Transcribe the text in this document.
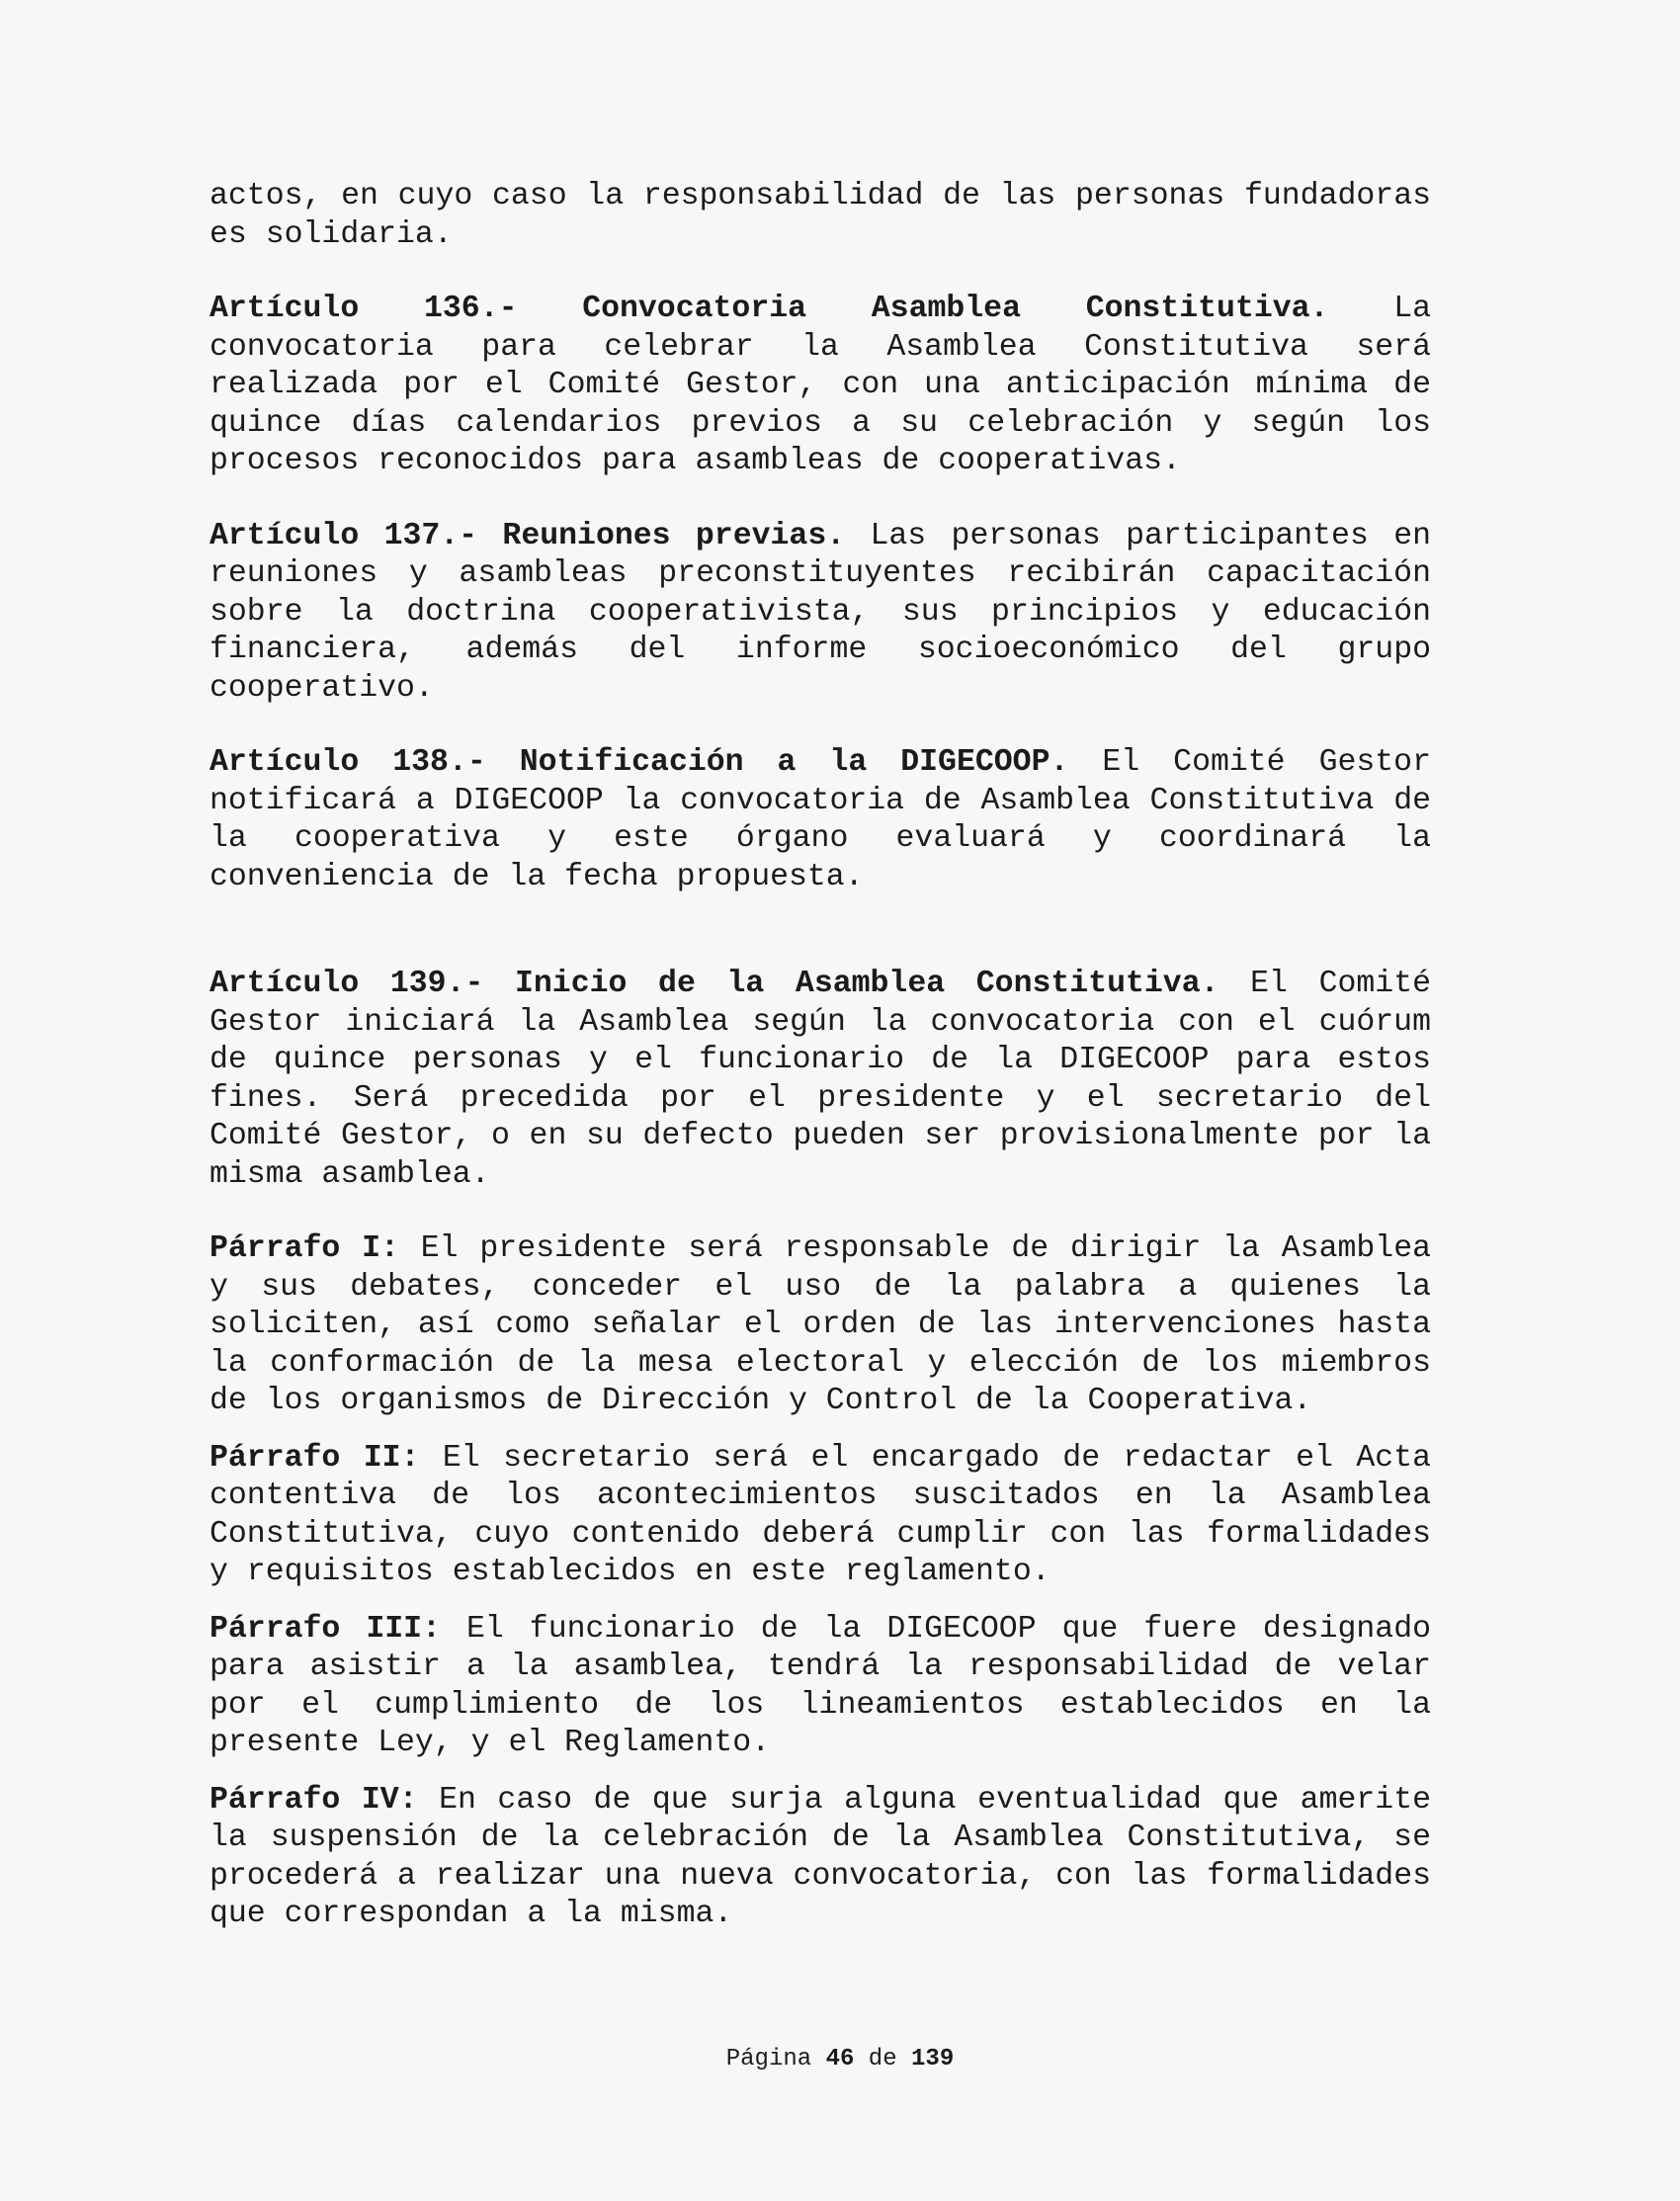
actos, en cuyo caso la responsabilidad de las personas fundadoras es solidaria.

Artículo 136.- Convocatoria Asamblea Constitutiva. La convocatoria para celebrar la Asamblea Constitutiva será realizada por el Comité Gestor, con una anticipación mínima de quince días calendarios previos a su celebración y según los procesos reconocidos para asambleas de cooperativas.

Artículo 137.- Reuniones previas. Las personas participantes en reuniones y asambleas preconstituyentes recibirán capacitación sobre la doctrina cooperativista, sus principios y educación financiera, además del informe socioeconómico del grupo cooperativo.

Artículo 138.- Notificación a la DIGECOOP. El Comité Gestor notificará a DIGECOOP la convocatoria de Asamblea Constitutiva de la cooperativa y este órgano evaluará y coordinará la conveniencia de la fecha propuesta.

Artículo 139.- Inicio de la Asamblea Constitutiva. El Comité Gestor iniciará la Asamblea según la convocatoria con el cuórum de quince personas y el funcionario de la DIGECOOP para estos fines. Será precedida por el presidente y el secretario del Comité Gestor, o en su defecto pueden ser provisionalmente por la misma asamblea.

Párrafo I: El presidente será responsable de dirigir la Asamblea y sus debates, conceder el uso de la palabra a quienes la soliciten, así como señalar el orden de las intervenciones hasta la conformación de la mesa electoral y elección de los miembros de los organismos de Dirección y Control de la Cooperativa.

Párrafo II: El secretario será el encargado de redactar el Acta contentiva de los acontecimientos suscitados en la Asamblea Constitutiva, cuyo contenido deberá cumplir con las formalidades y requisitos establecidos en este reglamento.

Párrafo III: El funcionario de la DIGECOOP que fuere designado para asistir a la asamblea, tendrá la responsabilidad de velar por el cumplimiento de los lineamientos establecidos en la presente Ley, y el Reglamento.

Párrafo IV: En caso de que surja alguna eventualidad que amerite la suspensión de la celebración de la Asamblea Constitutiva, se procederá a realizar una nueva convocatoria, con las formalidades que correspondan a la misma.

Página 46 de 139
